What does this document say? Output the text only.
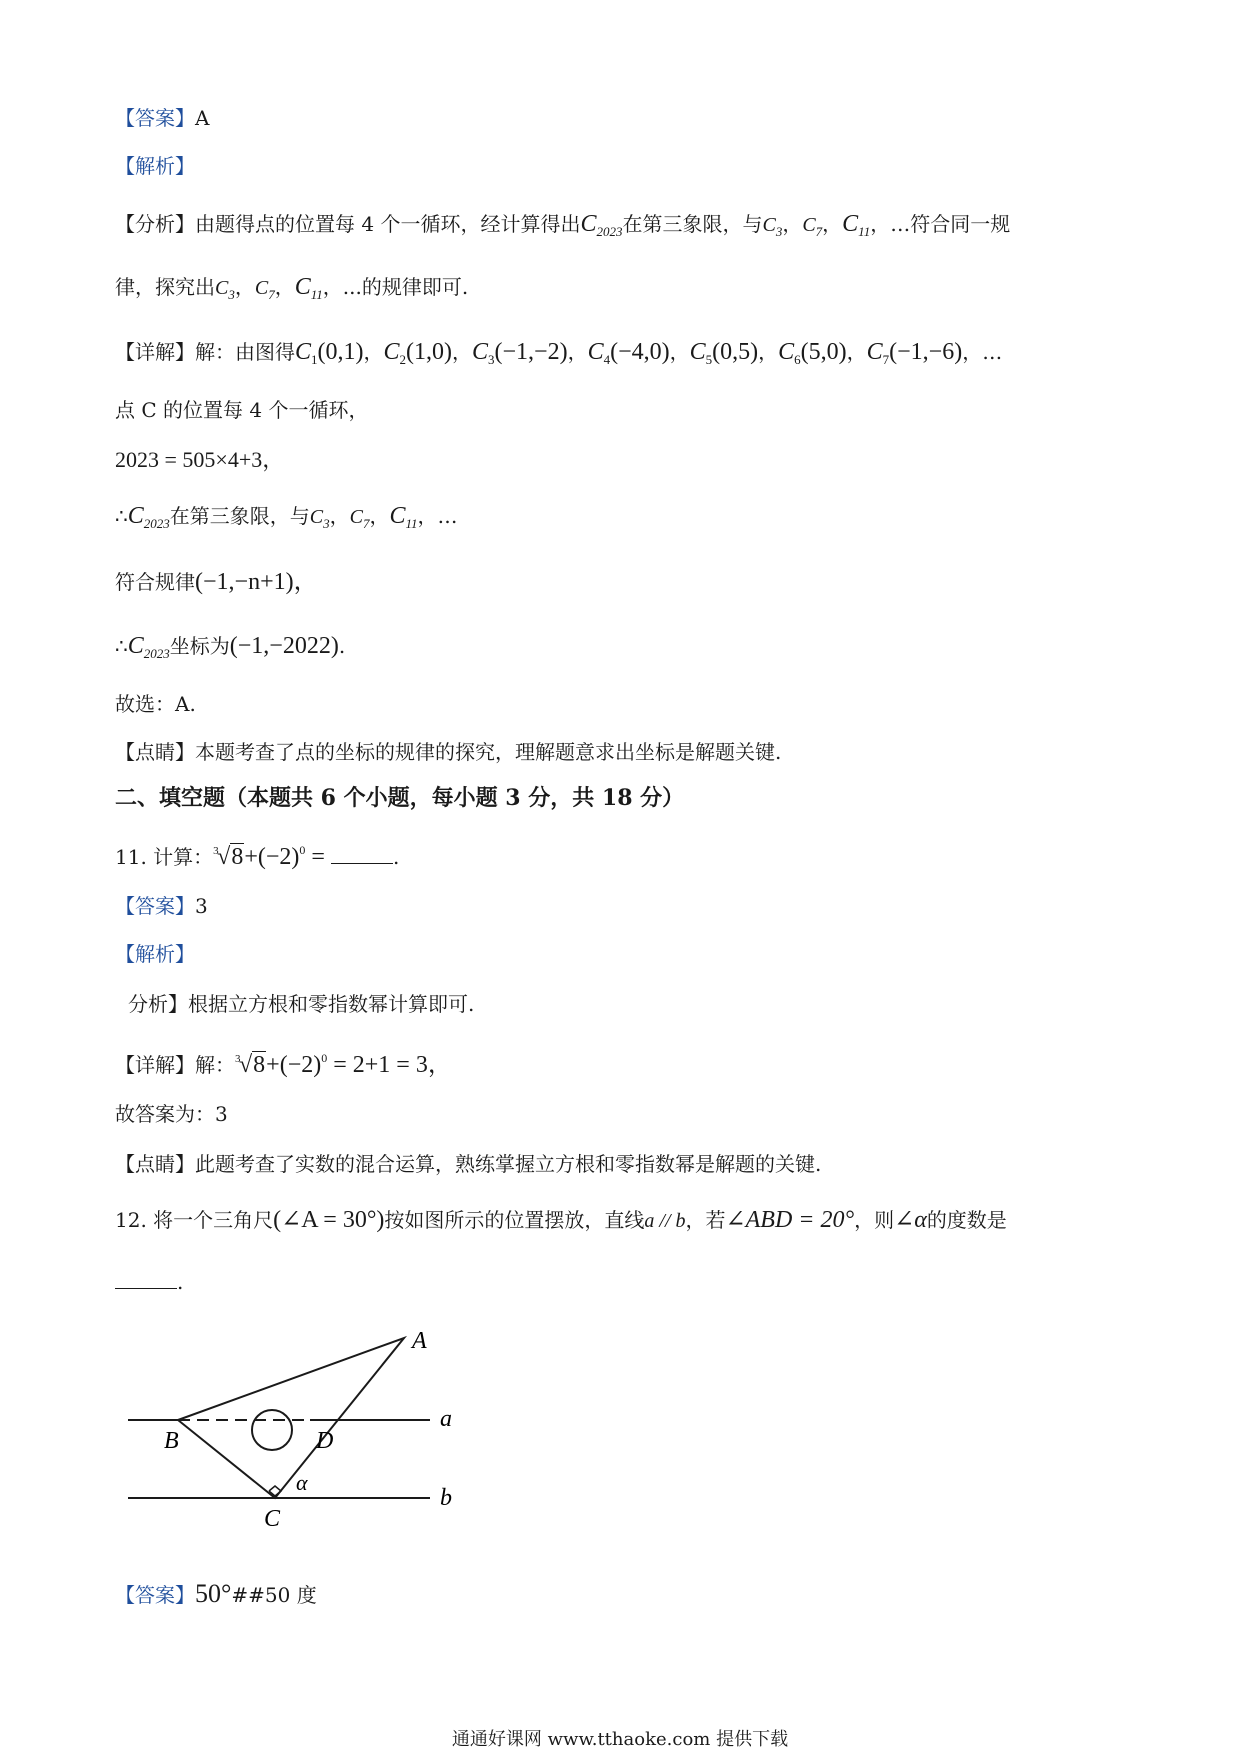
【答案】A
【解析】
【分析】由题得点的位置每 4 个一循环，经计算得出$C_{2023}$在第三象限，与$C_3$，$C_7$，$C_{11}$，…符合同一规
律，探究出$C_3$，$C_7$，$C_{11}$，...的规律即可.
【详解】解：由图得$C_1(0,1)$，$C_2(1,0)$，$C_3(-1,-2)$，$C_4(-4,0)$，$C_5(0,5)$，$C_6(5,0)$，$C_7(-1,-6)$，…
点 C 的位置每 4 个一循环，
2023 = 505×4+3，
$\therefore C_{2023}$在第三象限，与$C_3$，$C_7$，$C_{11}$，…
符合规律(−1,−n+1)，
$\therefore C_{2023}$坐标为(−1,−2022).
故选：A.
【点睛】本题考查了点的坐标的规律的探究，理解题意求出坐标是解题关键.
二、填空题（本题共 6 个小题，每小题 3 分，共 18 分）
11. 计算： 3
$√8+(-2)^0$ =	.
【答案】3
【解析】
分析】根据立方根和零指数幂计算即可.
【详解】解： 3
$√8+(-2)^0 = 2+1 = 3$，
故答案为：3
【点睛】此题考查了实数的混合运算，熟练掌握立方根和零指数幂是解题的关键.
12. 将一个三角尺(∠A = 30°)按如图所示的位置摆放，直线a // b，若∠ABD = 20°，则∠α的度数是
.
A
B
C
D
a
b
α
【答案】50°##50 度
通通好课网 www.tthaoke.com 提供下载
